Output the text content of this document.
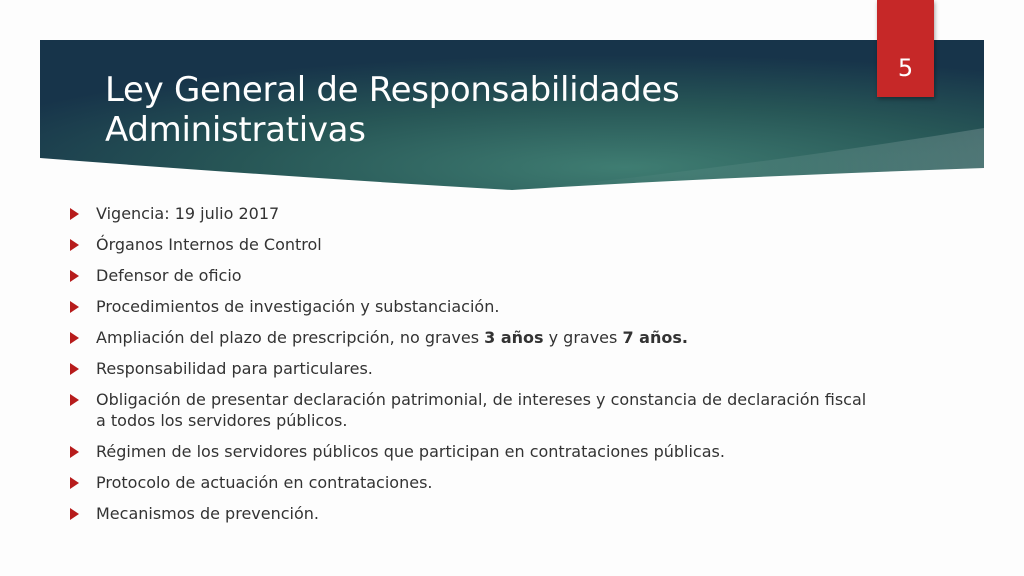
Ley General de Responsabilidades
Administrativas
5
Vigencia: 19 julio 2017
Órganos Internos de Control
Defensor de oficio
Procedimientos de investigación y substanciación.
Ampliación del plazo de prescripción, no graves 3 años y graves 7 años.
Responsabilidad para particulares.
Obligación de presentar declaración patrimonial, de intereses y constancia de declaración fiscal a todos los servidores públicos.
Régimen de los servidores públicos que participan en contrataciones públicas.
Protocolo de actuación en contrataciones.
Mecanismos de prevención.
